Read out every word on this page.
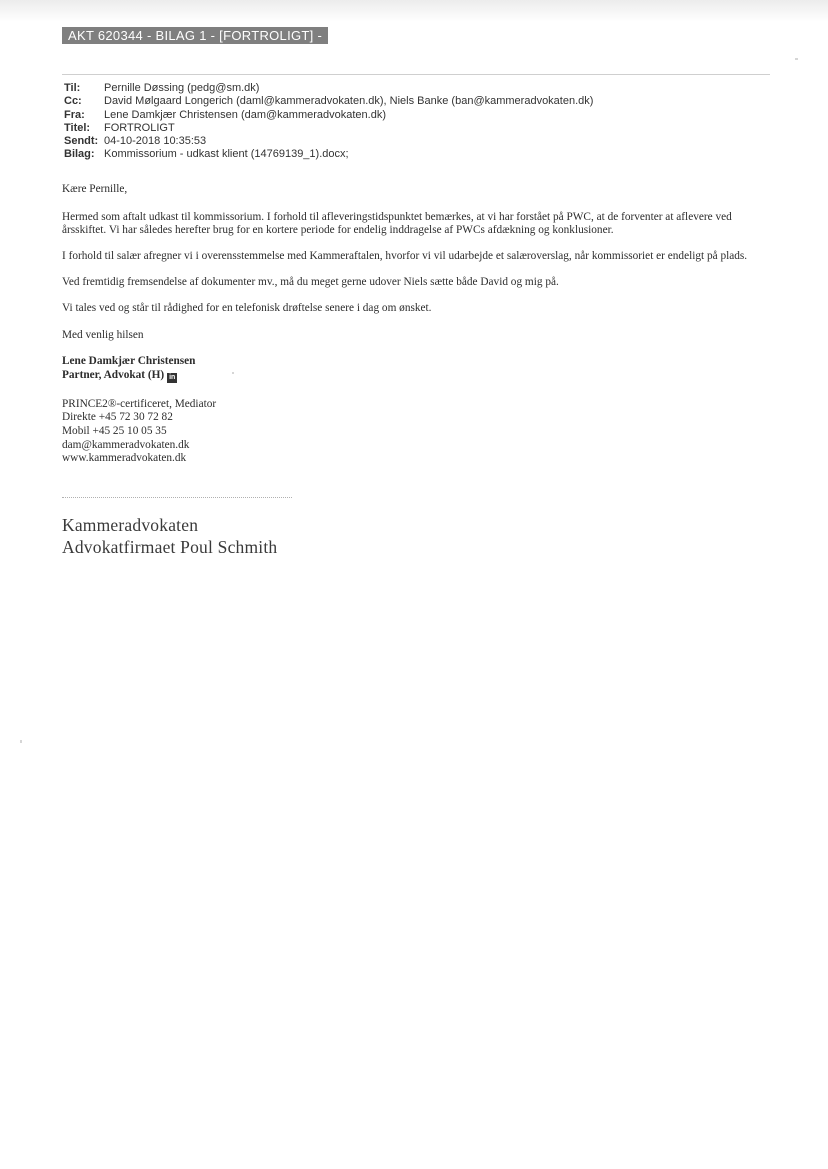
AKT 620344 - BILAG 1 - [FORTROLIGT] -
Til:	Pernille Døssing (pedg@sm.dk)
Cc:	David Mølgaard Longerich (daml@kammeradvokaten.dk), Niels Banke (ban@kammeradvokaten.dk)
Fra:	Lene Damkjær Christensen (dam@kammeradvokaten.dk)
Titel:	FORTROLIGT
Sendt: 04-10-2018 10:35:53
Bilag: Kommissorium - udkast klient (14769139_1).docx;

Kære Pernille,

Hermed som aftalt udkast til kommissorium. I forhold til afleveringstidspunktet bemærkes, at vi har forstået på PWC, at de forventer at aflevere ved årsskiftet. Vi har således herefter brug for en kortere periode for endelig inddragelse af PWCs afdækning og konklusioner.

I forhold til salær afregner vi i overensstemmelse med Kammeraftalen, hvorfor vi vil udarbejde et salæroverslag, når kommissoriet er endeligt på plads.

Ved fremtidig fremsendelse af dokumenter mv., må du meget gerne udover Niels sætte både David og mig på.

Vi tales ved og står til rådighed for en telefonisk drøftelse senere i dag om ønsket.

Med venlig hilsen

Lene Damkjær Christensen
Partner, Advokat (H) in
PRINCE2®-certificeret, Mediator
Direkte +45 72 30 72 82
Mobil +45 25 10 05 35
dam@kammeradvokaten.dk
www.kammeradvokaten.dk
Kammeradvokaten
Advokatfirmaet Poul Schmith
